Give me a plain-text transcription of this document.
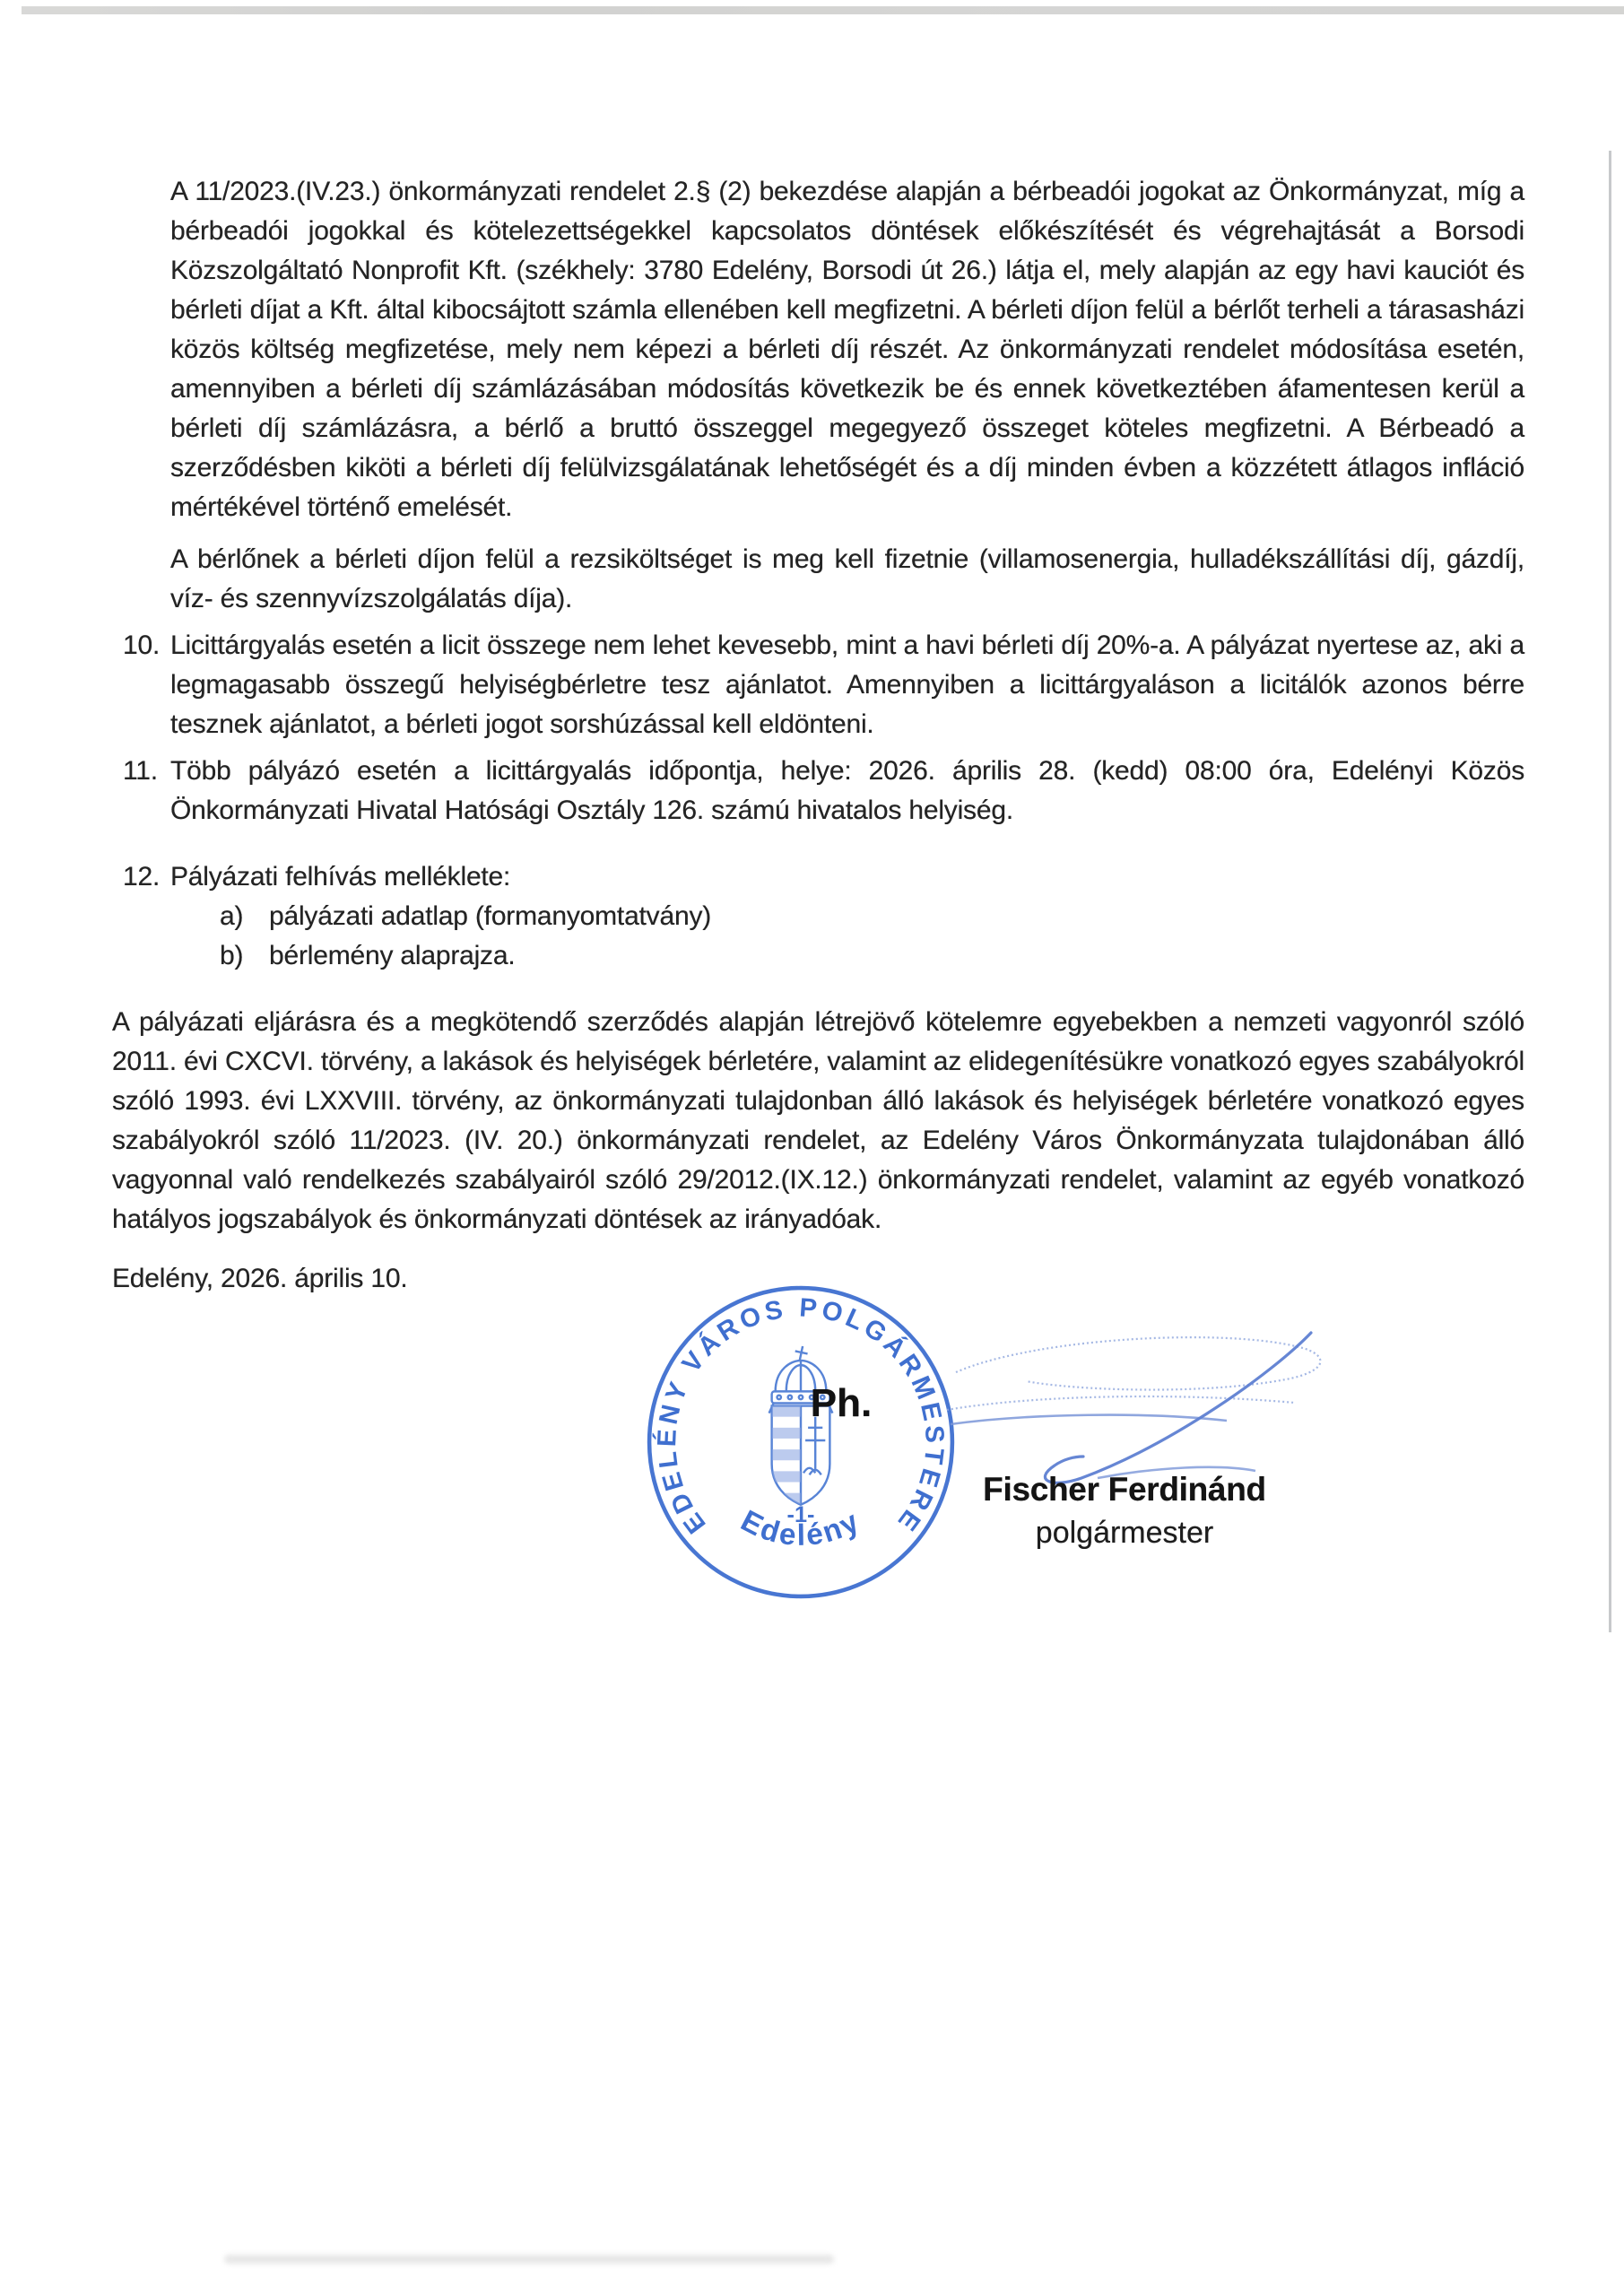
A 11/2023.(IV.23.) önkormányzati rendelet 2.§ (2) bekezdése alapján a bérbeadói jogokat az Önkormányzat, míg a bérbeadói jogokkal és kötelezettségekkel kapcsolatos döntések előkészítését és végrehajtását a Borsodi Közszolgáltató Nonprofit Kft. (székhely: 3780 Edelény, Borsodi út 26.) látja el, mely alapján az egy havi kauciót és bérleti díjat a Kft. által kibocsájtott számla ellenében kell megfizetni. A bérleti díjon felül a bérlőt terheli a tárasasházi közös költség megfizetése, mely nem képezi a bérleti díj részét. Az önkormányzati rendelet módosítása esetén, amennyiben a bérleti díj számlázásában módosítás következik be és ennek következtében áfamentesen kerül a bérleti díj számlázásra, a bérlő a bruttó összeggel megegyező összeget köteles megfizetni. A Bérbeadó a szerződésben kiköti a bérleti díj felülvizsgálatának lehetőségét és a díj minden évben a közzétett átlagos infláció mértékével történő emelését.
A bérlőnek a bérleti díjon felül a rezsiköltséget is meg kell fizetnie (villamosenergia, hulladékszállítási díj, gázdíj, víz- és szennyvízszolgálatás díja).
10. Licittárgyalás esetén a licit összege nem lehet kevesebb, mint a havi bérleti díj 20%-a. A pályázat nyertese az, aki a legmagasabb összegű helyiségbérletre tesz ajánlatot. Amennyiben a licittárgyaláson a licitálók azonos bérre tesznek ajánlatot, a bérleti jogot sorshúzással kell eldönteni.
11. Több pályázó esetén a licittárgyalás időpontja, helye: 2026. április 28. (kedd) 08:00 óra, Edelényi Közös Önkormányzati Hivatal Hatósági Osztály 126. számú hivatalos helyiség.
12. Pályázati felhívás melléklete:
a) pályázati adatlap (formanyomtatvány)
b) bérlemény alaprajza.
A pályázati eljárásra és a megkötendő szerződés alapján létrejövő kötelemre egyebekben a nemzeti vagyonról szóló 2011. évi CXCVI. törvény, a lakások és helyiségek bérletére, valamint az elidegenítésükre vonatkozó egyes szabályokról szóló 1993. évi LXXVIII. törvény, az önkormányzati tulajdonban álló lakások és helyiségek bérletére vonatkozó egyes szabályokról szóló 11/2023. (IV. 20.) önkormányzati rendelet, az Edelény Város Önkormányzata tulajdonában álló vagyonnal való rendelkezés szabályairól szóló 29/2012.(IX.12.) önkormányzati rendelet, valamint az egyéb vonatkozó hatályos jogszabályok és önkormányzati döntések az irányadóak.
Edelény, 2026. április 10.
EDELÉNY VÁROS POLGÁRMESTERE
-1-
Edelény
Ph.
Fischer Ferdinánd
polgármester
